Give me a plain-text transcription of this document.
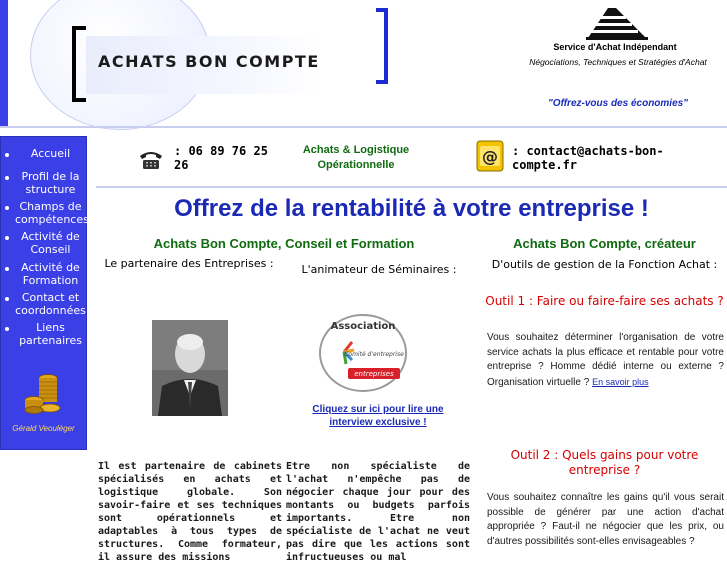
ACHATS BON COMPTE
Service d'Achat Indépendant
Négociations, Techniques et Stratégies d'Achat
"Offrez-vous des économies"
Accueil
Profil de la structure
Champs de compétences
Activité de Conseil
Activité de Formation
Contact et coordonnées
Liens partenaires
Gérald Veouléger
: 06 89 76 25 26
Achats & Logistique Opérationnelle	@ : contact@achats-bon-compte.fr
Offrez de la rentabilité à votre entreprise !
Achats Bon Compte, Conseil et Formation
Le partenaire des Entreprises :	L'animateur de Séminaires :
Association
Comité d'entreprise
entreprises
Cliquez sur ici pour lire une interview exclusive !
Il est partenaire de cabinets spécialisés en achats et logistique globale. Son savoir-faire et ses techniques sont opérationnels et adaptables à tous types de structures. Comme formateur, il assure des missions
Etre non spécialiste de l'achat n'empêche pas de négocier chaque jour pour des montants ou budgets parfois importants. Etre non spécialiste de l'achat ne veut pas dire que les actions sont infructueuses ou mal
Achats Bon Compte, créateur
D'outils de gestion de la Fonction Achat :
Outil 1 : Faire ou faire-faire ses achats ?
Vous souhaitez déterminer l'organisation de votre service achats la plus efficace et rentable pour votre entreprise ? Homme dédié interne ou externe ? Organisation virtuelle ? En savoir plus
Outil 2 : Quels gains pour votre entreprise ?
Vous souhaitez connaître les gains qu'il vous serait possible de générer par une action d'achat appropriée ? Faut-il ne négocier que les prix, ou d'autres possibilités sont-elles envisageables ?
